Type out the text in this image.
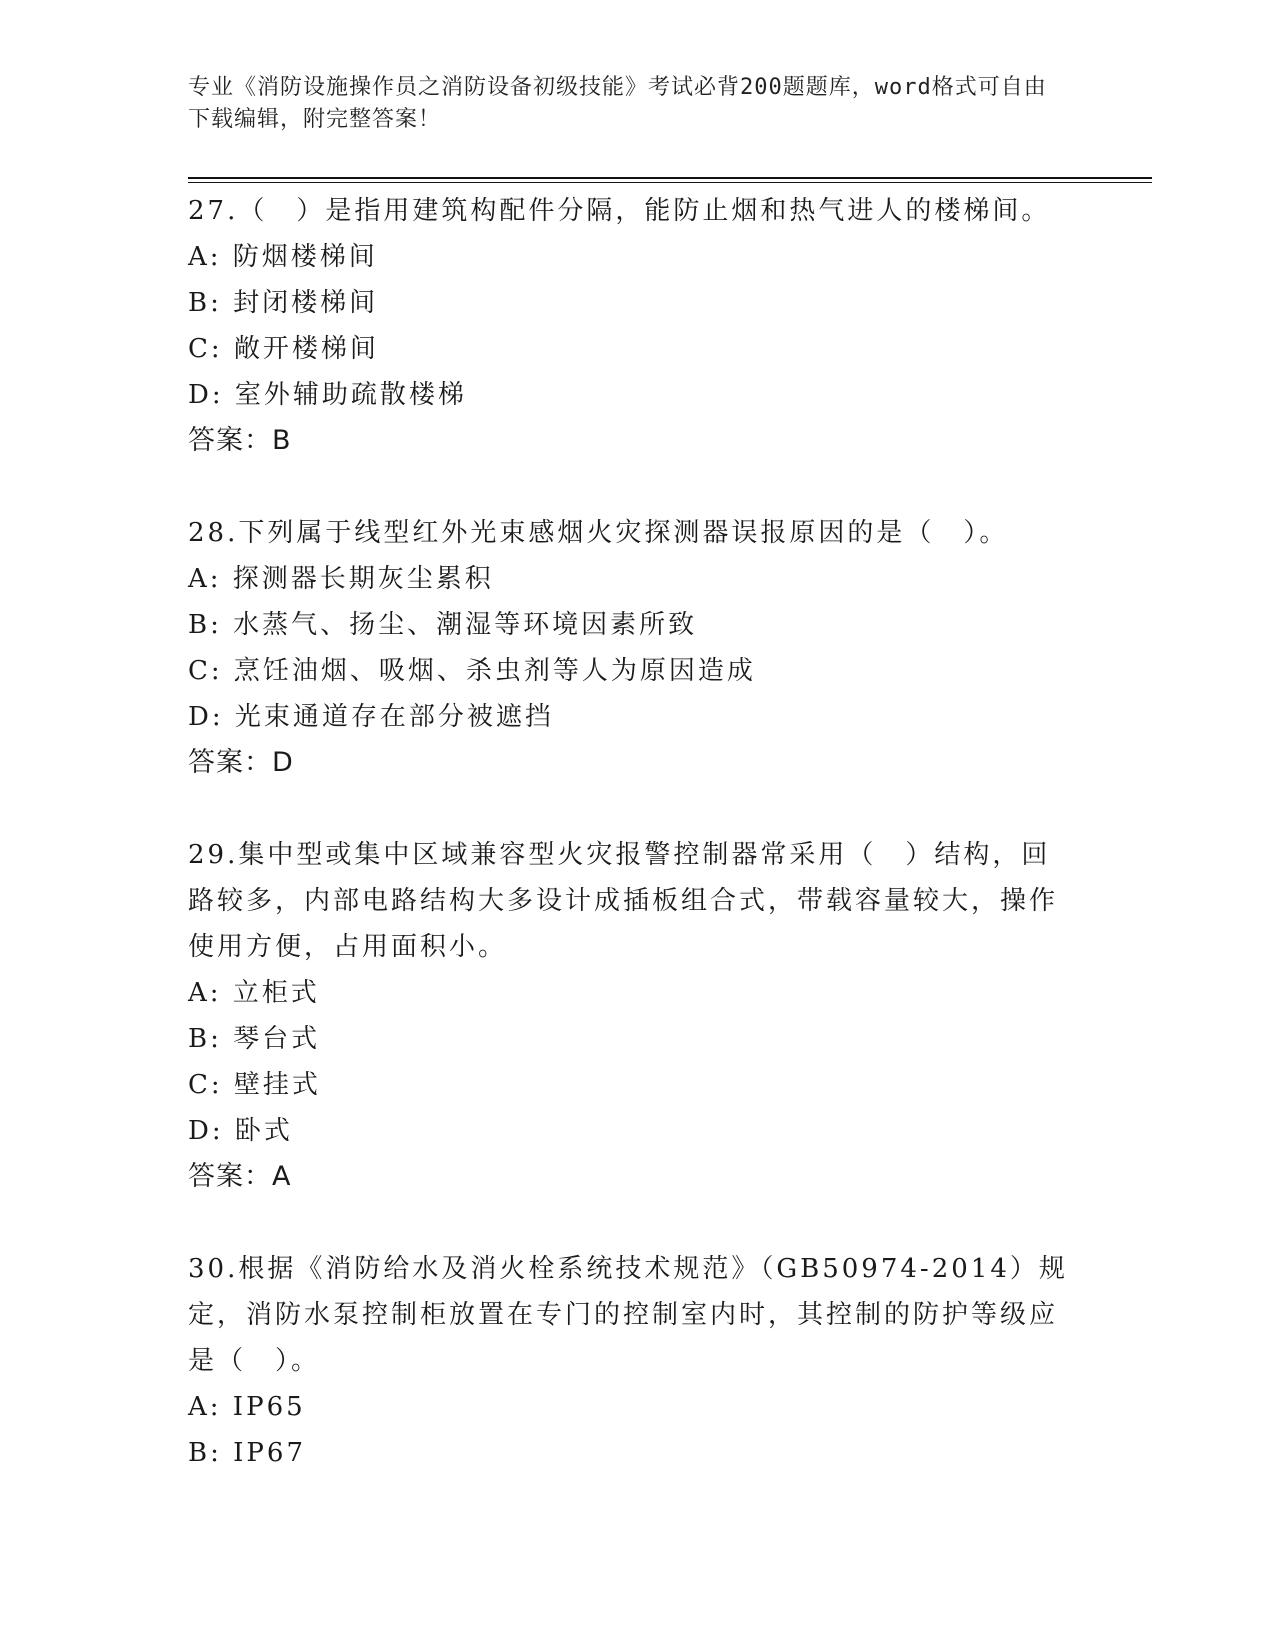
专业《消防设施操作员之消防设备初级技能》考试必背200题题库，word格式可自由下载编辑，附完整答案！
27.（　）是指用建筑构配件分隔，能防止烟和热气进人的楼梯间。
A: 防烟楼梯间
B: 封闭楼梯间
C: 敞开楼梯间
D: 室外辅助疏散楼梯
答案：B
28.下列属于线型红外光束感烟火灾探测器误报原因的是（　）。
A: 探测器长期灰尘累积
B: 水蒸气、扬尘、潮湿等环境因素所致
C: 烹饪油烟、吸烟、杀虫剂等人为原因造成
D: 光束通道存在部分被遮挡
答案：D
29.集中型或集中区域兼容型火灾报警控制器常采用（　）结构，回路较多，内部电路结构大多设计成插板组合式，带载容量较大，操作使用方便，占用面积小。
A: 立柜式
B: 琴台式
C: 壁挂式
D: 卧式
答案：A
30.根据《消防给水及消火栓系统技术规范》（GB50974-2014）规定，消防水泵控制柜放置在专门的控制室内时，其控制的防护等级应是（　）。
A: IP65
B: IP67
